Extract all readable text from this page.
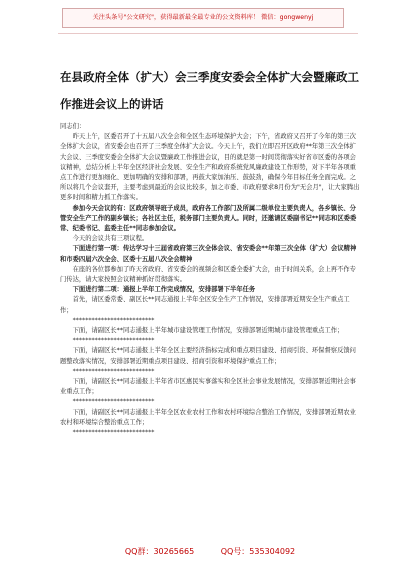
关注头条号"公文研究"，获得最新最全最专业的公文资料库！ 微信：gongwenyj
在县政府全体（扩大）会三季度安委会全体扩大会暨廉政工作推进会议上的讲话

同志们：

昨天上午，区委召开了十五届八次全会和全区生态环境保护大会；下午，省政府又召开了今年的第三次全体扩大会议，省安委会也召开了三季度全体扩大会议。今天上午，我们立即召开区政府**年第三次全体扩大会议、三季度安委会全体扩大会议暨廉政工作推进会议，目的就是第一时间贯彻落实好省市区委的各项会议精神，总结分析上半年全区经济社会发展、安全生产和政府系统党风廉政建设工作形势，对下半年各项重点工作进行更加细化、更加明确的安排和部署，再鼓大家加油压、鼓鼓劲，确保今年目标任务全面完成。之所以将几个会议套开，主要考虑到最近的会议比较多，加之市委、市政府要求8月份为"无会月"，让大家腾出更多时间和精力抓工作落实。

参加今天会议的有：区政府领导班子成员，政府各工作部门及所属二级单位主要负责人，各乡镇长、分管安全生产工作的副乡镇长；各社区主任，税务部门主要负责人。同时，还邀请区委副书记**同志和区委委常、纪委书记、监委主任**同志参加会议。

今天的会议共有三项议程。

下面进行第一项：传达学习十三届省政府第三次全体会议、省安委会**年第三次全体（扩大）会议精神和市委四届六次全会、区委十五届八次全会精神

在座的各位都参加了昨天省政府、省安委会的视频会和区委全委扩大会，由于时间关系，会上再不作专门传达，请大家按照会议精神抓好贯彻落实。

下面进行第二项：通报上半年工作完成情况，安排部署下半年任务

首先，请区委常委、副区长**同志通报上半年全区安全生产工作情况，安排部署近期安全生产重点工作；

**************************

下面，请副区长**同志通报上半年城市建设管理工作情况，安排部署近期城市建设管理重点工作；

**************************

下面，请副区长**同志通报上半年全区主要经济指标完成和重点项目建设、招商引资、环保督察反馈问题整改落实情况，安排部署近期重点项目建设、招商引资和环境保护重点工作；

**************************

下面，请副区长**同志通报上半年省市区惠民实事落实和全区社会事业发展情况，安排部署近期社会事业重点工作；

**************************

下面，请副区长**同志通报上半年全区农业农村工作和农村环境综合整治工作情况，安排部署近期农业农村和环境综合整治重点工作；

**************************

QQ群：30265665	QQ号：535304092
